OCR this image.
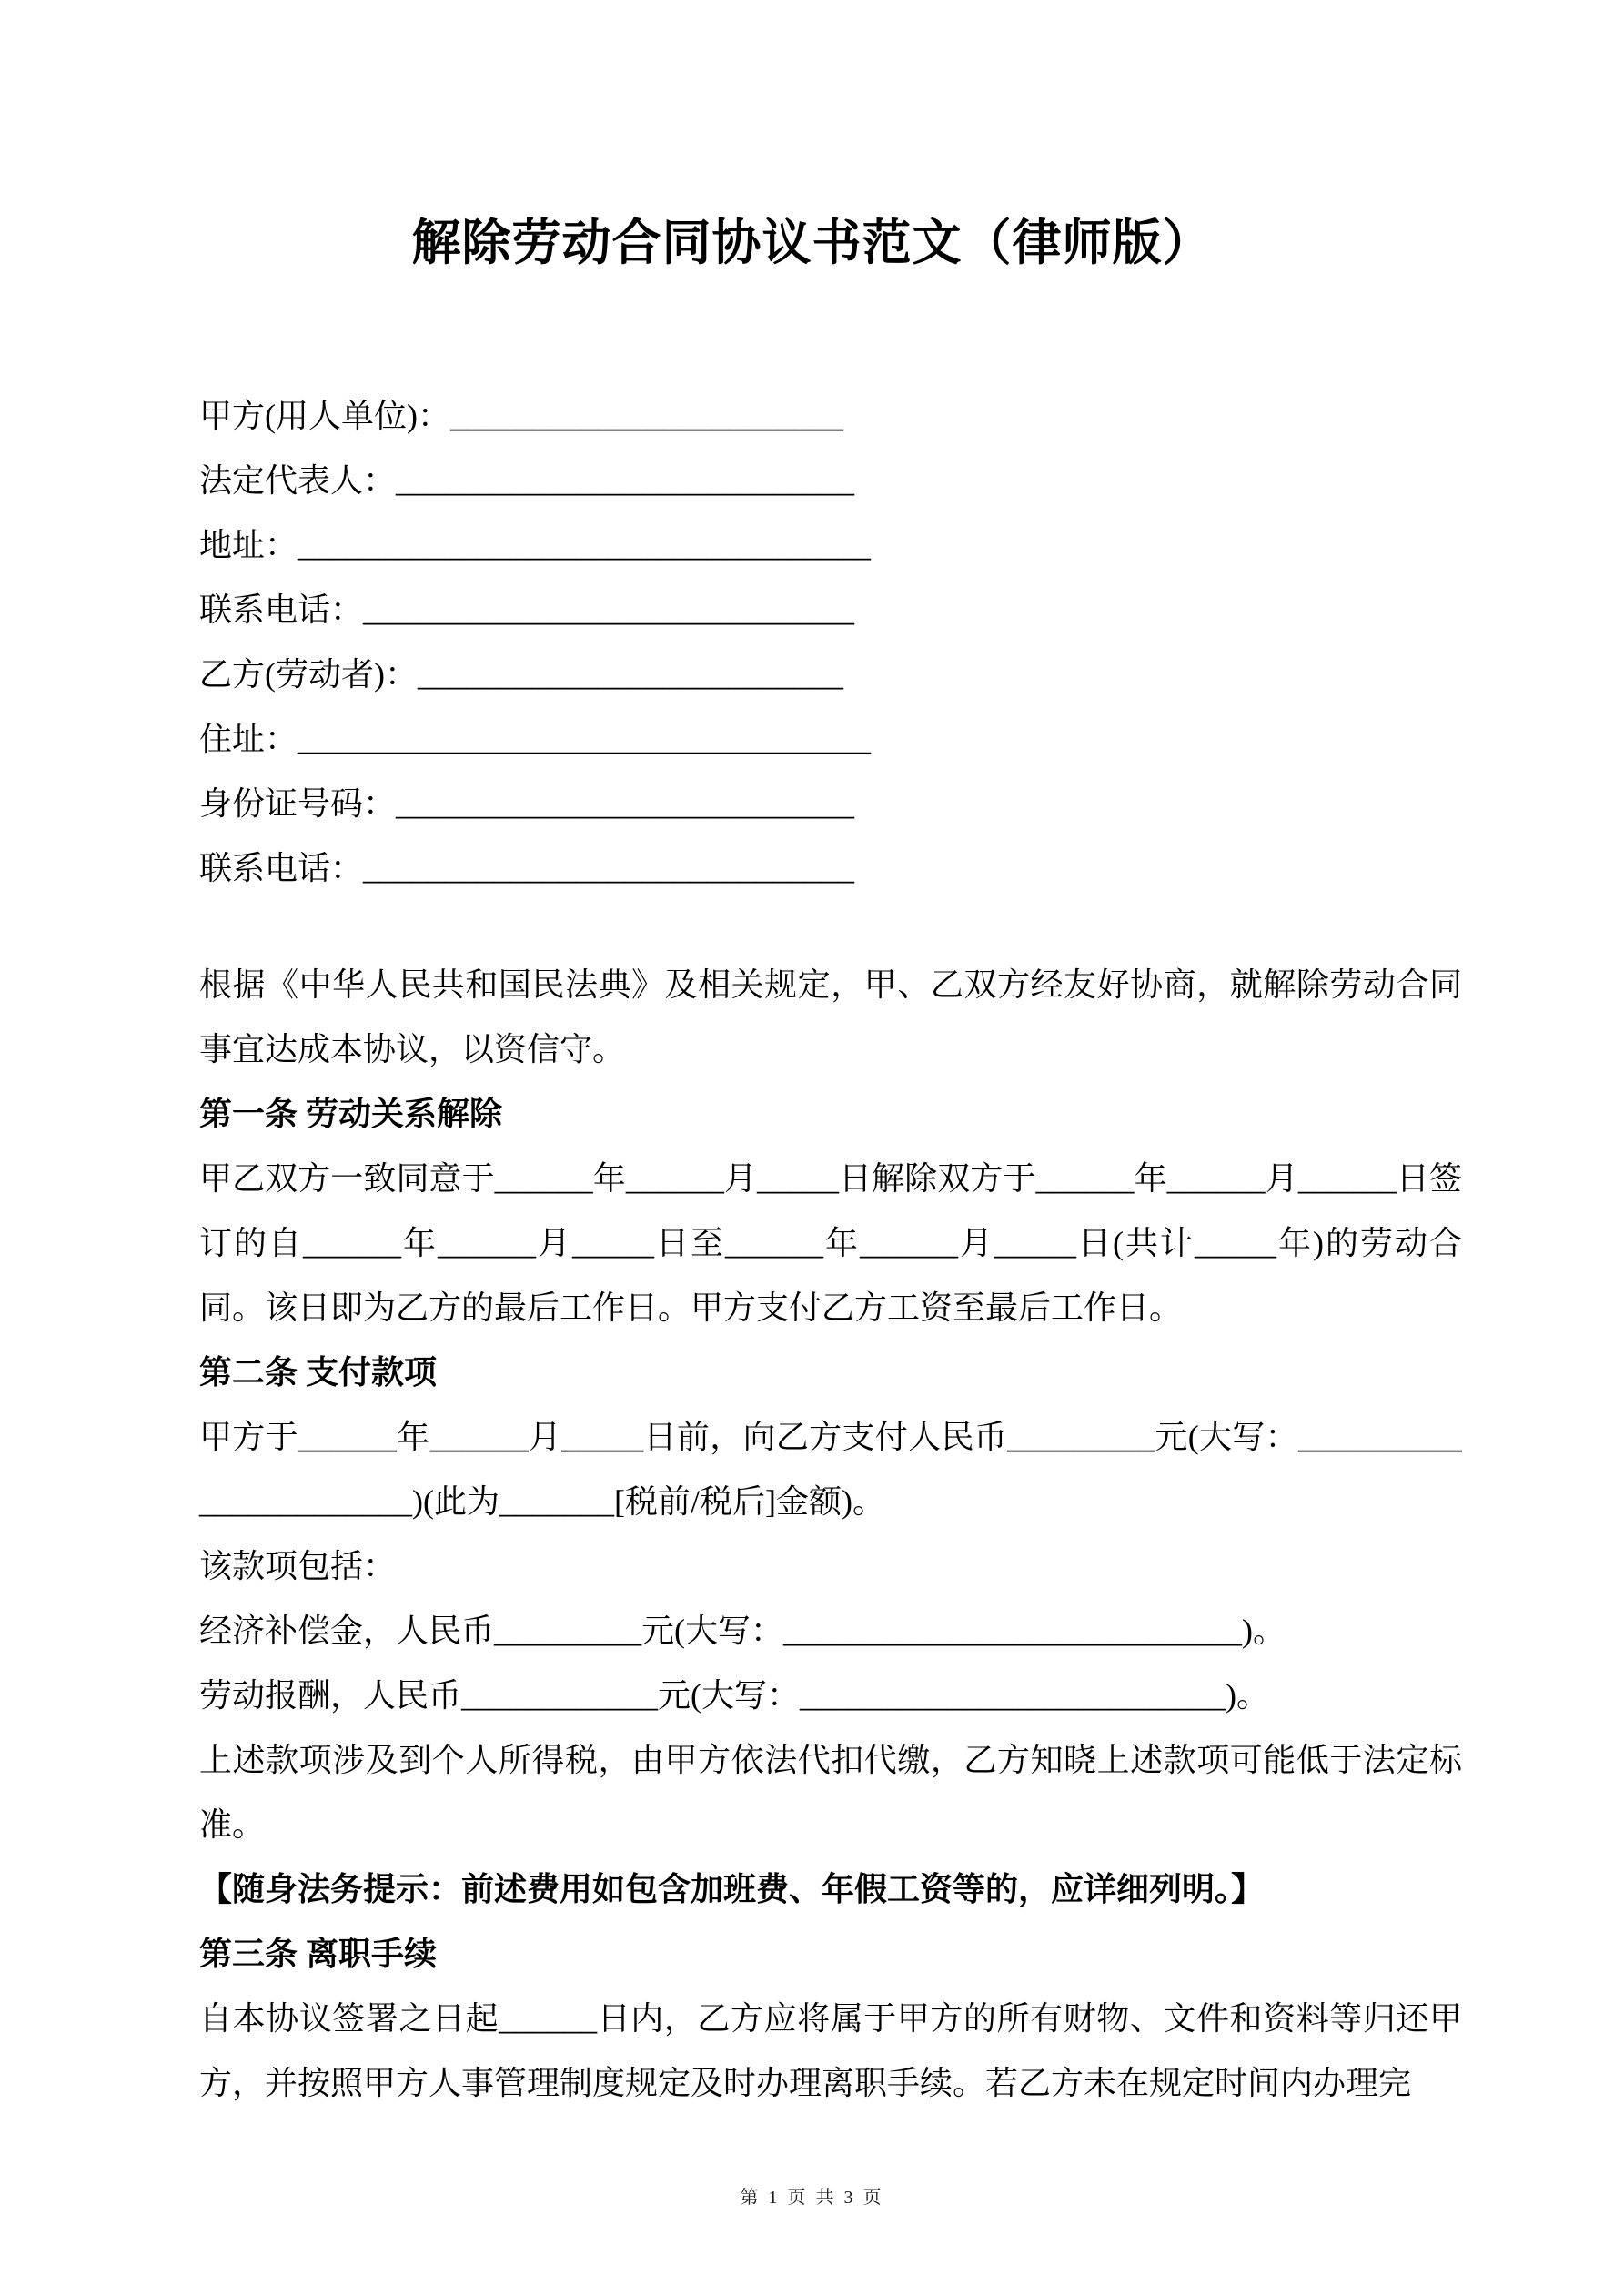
解除劳动合同协议书范文（律师版）
甲方(用人单位)：________________________
法定代表人：____________________________
地址：___________________________________
联系电话：______________________________
乙方(劳动者)：__________________________
住址：___________________________________
身份证号码：____________________________
联系电话：______________________________

根据《中华人民共和国民法典》及相关规定，甲、乙双方经友好协商，就解除劳动合同事宜达成本协议，以资信守。

第一条 劳动关系解除

甲乙双方一致同意于______年______月_____日解除双方于______年______月______日签订的自______年______月_____日至______年______月_____日(共计_____年)的劳动合同。该日即为乙方的最后工作日。甲方支付乙方工资至最后工作日。

第二条 支付款项

甲方于______年______月_____日前，向乙方支付人民币_________元(大写：_______________________)(此为_______[税前/税后]金额)。

该款项包括：

经济补偿金，人民币_________元(大写：____________________________)。

劳动报酬，人民币____________元(大写：__________________________)。

上述款项涉及到个人所得税，由甲方依法代扣代缴，乙方知晓上述款项可能低于法定标准。

【随身法务提示：前述费用如包含加班费、年假工资等的，应详细列明。】

第三条 离职手续

自本协议签署之日起______日内，乙方应将属于甲方的所有财物、文件和资料等归还甲方，并按照甲方人事管理制度规定及时办理离职手续。若乙方未在规定时间内办理完

第 1 页 共 3 页
